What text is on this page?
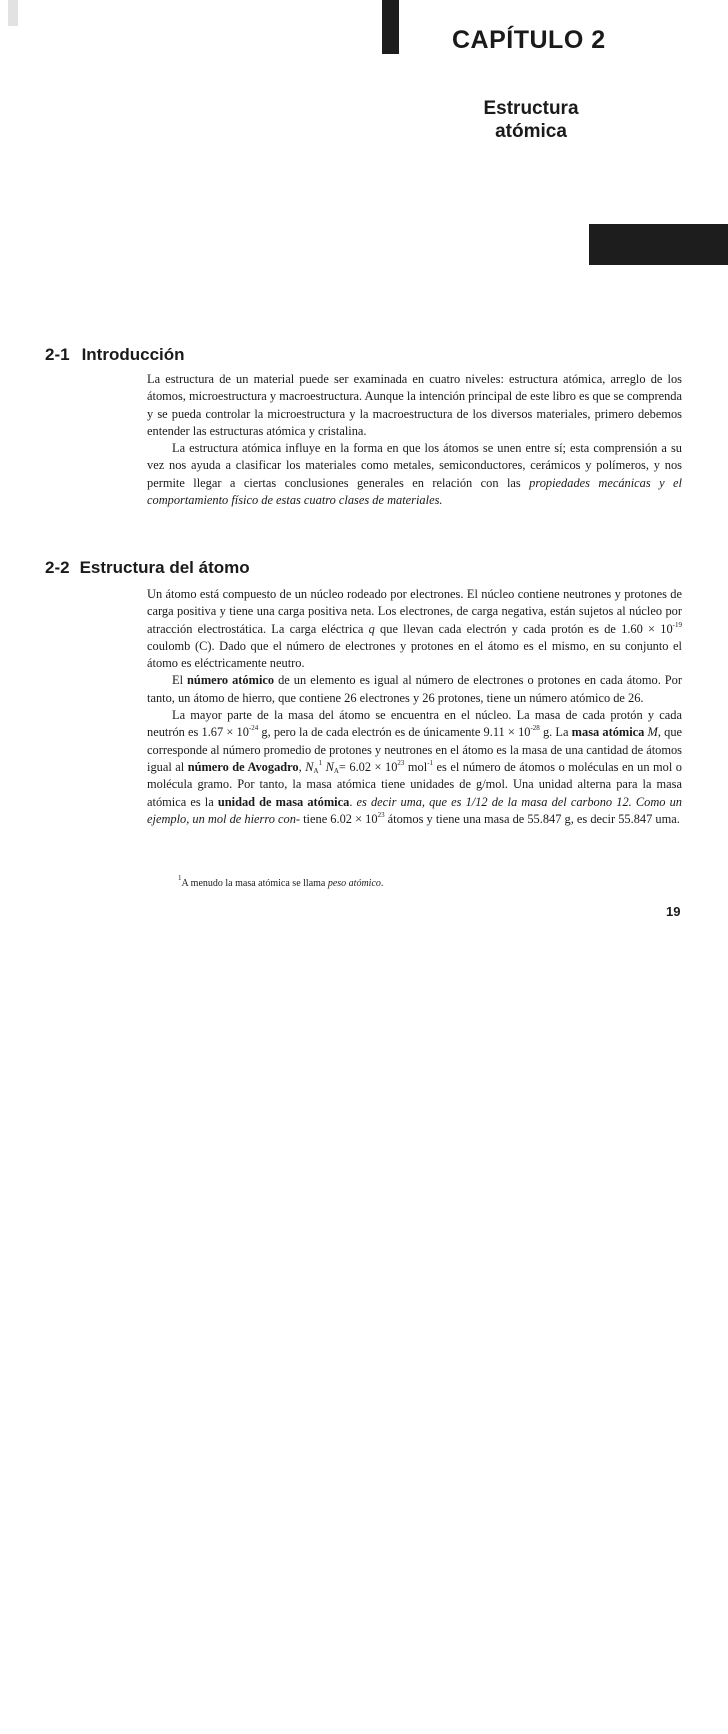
CAPÍTULO 2
Estructura
atómica
2-1 Introducción

La estructura de un material puede ser examinada en cuatro niveles: estructura atómica, arreglo de los átomos, microestructura y macroestructura. Aunque la intención principal de este libro es que se comprenda y se pueda controlar la microestructura y la macroestructura de los diversos materiales, primero debemos entender las estructuras atómica y cristalina.

La estructura atómica influye en la forma en que los átomos se unen entre sí; esta comprensión a su vez nos ayuda a clasificar los materiales como metales, semiconductores, cerámicos y polímeros, y nos permite llegar a ciertas conclusiones generales en relación con las propiedades mecánicas y el comportamiento físico de estas cuatro clases de materiales.

2-2 Estructura del átomo

Un átomo está compuesto de un núcleo rodeado por electrones. El núcleo contiene neutrones y protones de carga positiva y tiene una carga positiva neta. Los electrones, de carga negativa, están sujetos al núcleo por atracción electrostática. La carga eléctrica q que llevan cada electrón y cada protón es de $1.60 \times 10^{-19}$ coulomb (C). Dado que el número de electrones y protones en el átomo es el mismo, en su conjunto el átomo es eléctricamente neutro.

El número atómico de un elemento es igual al número de electrones o protones en cada átomo. Por tanto, un átomo de hierro, que contiene 26 electrones y 26 protones, tiene un número atómico de 26.

La mayor parte de la masa del átomo se encuentra en el núcleo. La masa de cada protón y cada neutrón es $1.67 \times 10^{-24}$ g, pero la de cada electrón es de únicamente $9.11 \times 10^{-28}$ g. La masa atómica M, que corresponde al número promedio de protones y neutrones en el átomo es la masa de una cantidad de átomos igual al número de Avogadro, $N_A^1$ $N_A= 6.02 \times 10^{23}$ mol$^{-1}$ es el número de átomos o moléculas en un mol o molécula gramo. Por tanto, la masa atómica tiene unidades de g/mol. Una unidad alterna para la masa atómica es la unidad de masa atómica. es decir uma, que es 1/12 de la masa del carbono 12. Como un ejemplo, un mol de hierro con- tiene $6.02 \times 10^{23}$ átomos y tiene una masa de 55.847 g, es decir 55.847 uma.

$^1$A menudo la masa atómica se llama peso atómico.
19
